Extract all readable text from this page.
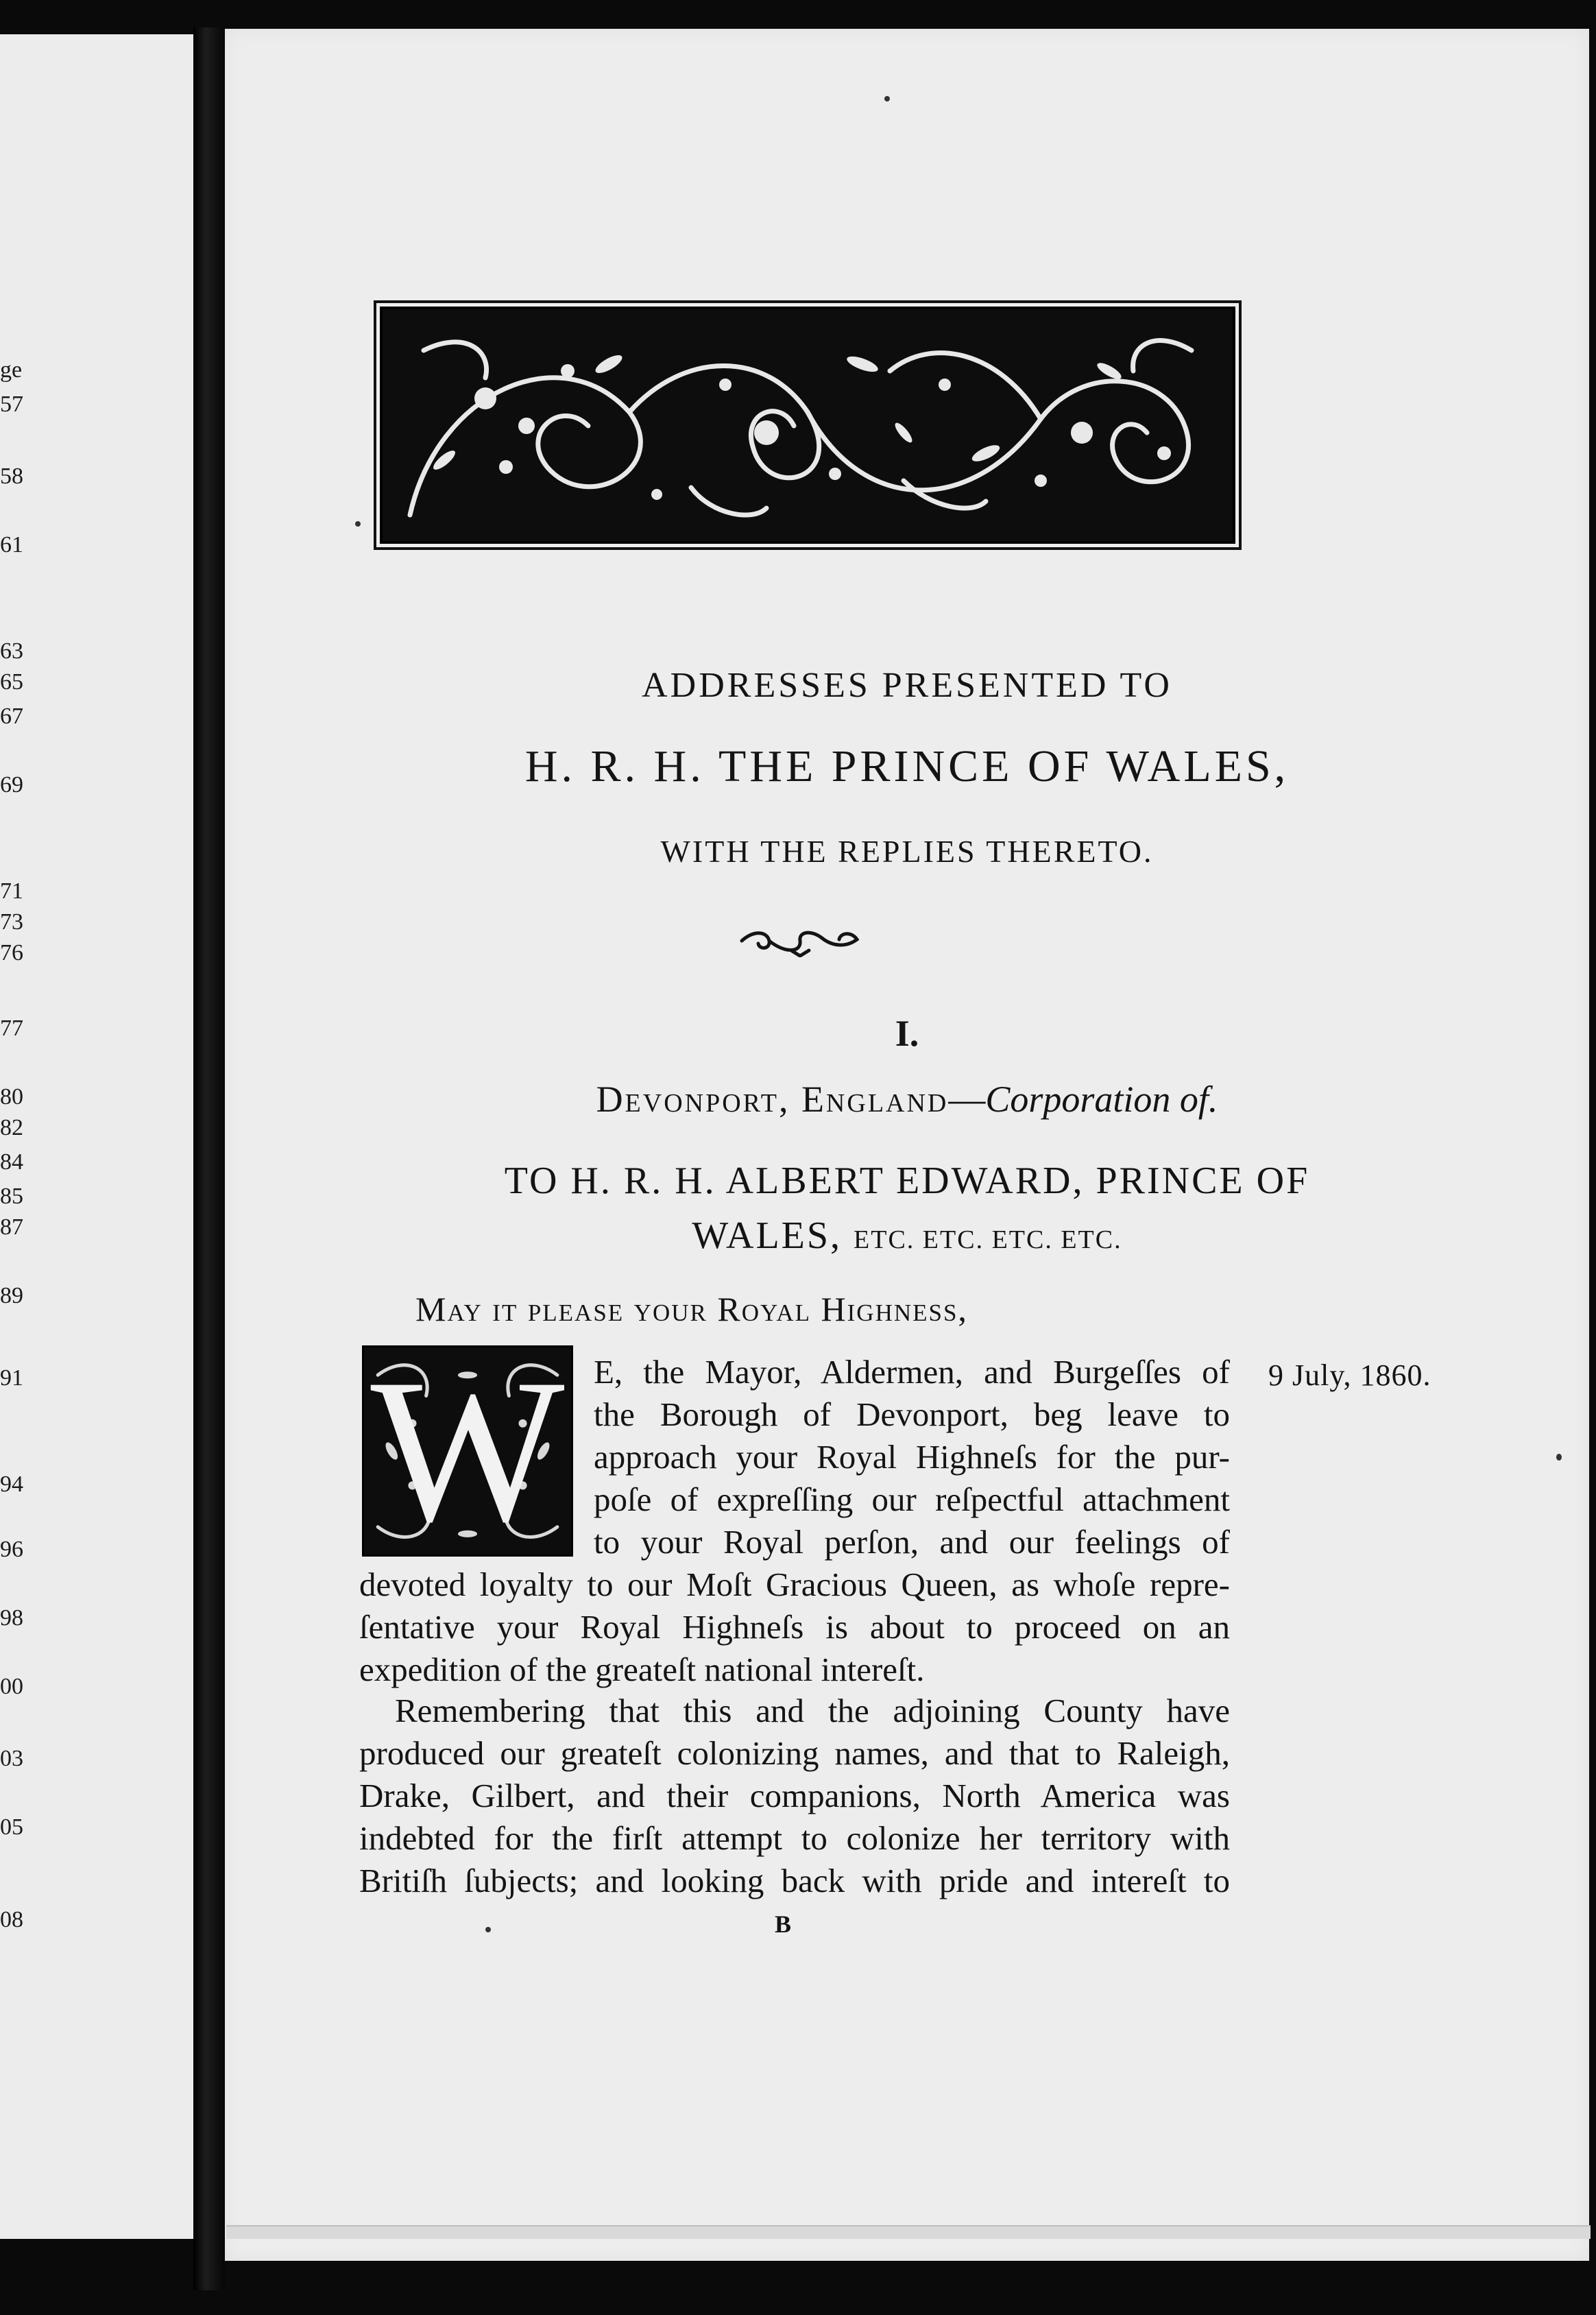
ge
57
58
61
63
65
67
69
71
73
76
77
80
82
84
85
87
89
91
94
96
98
00
03
05
08
ADDRESSES PRESENTED TO
H. R. H. THE PRINCE OF WALES,
WITH THE REPLIES THERETO.
I.
Devonport, England—Corporation of.
TO H. R. H. ALBERT EDWARD, PRINCE OF
WALES, ETC. ETC. ETC. ETC.
May it please your Royal Highness,
W	9 July, 1860.
E, the Mayor, Aldermen, and Burgeſſes of
the Borough of Devonport, beg leave to
approach your Royal Highneſs for the pur-
poſe of expreſſing our reſpectful attachment
to your Royal perſon, and our feelings of
devoted loyalty to our Moſt Gracious Queen, as whoſe repre-
ſentative your Royal Highneſs is about to proceed on an
expedition of the greateſt national intereſt.
Remembering that this and the adjoining County have
produced our greateſt colonizing names, and that to Raleigh,
Drake, Gilbert, and their companions, North America was
indebted for the firſt attempt to colonize her territory with
Britiſh ſubjects; and looking back with pride and intereſt to
B
